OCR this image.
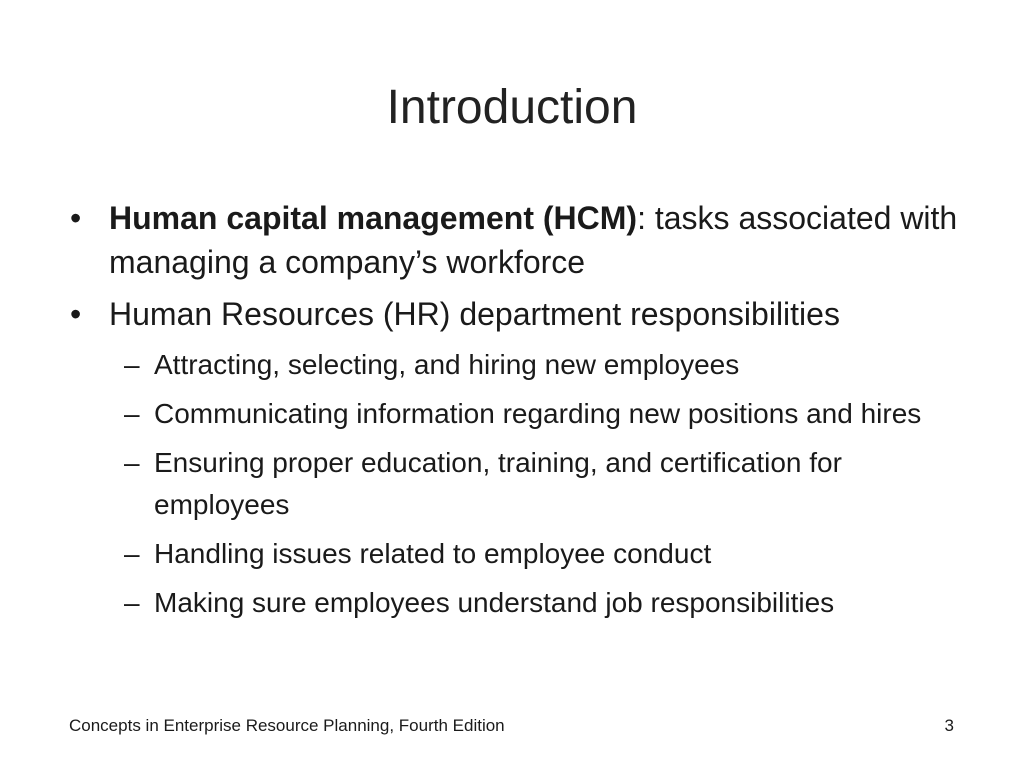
Introduction
• Human capital management (HCM): tasks associated with managing a company’s workforce
• Human Resources (HR) department responsibilities
– Attracting, selecting, and hiring new employees
– Communicating information regarding new positions and hires
– Ensuring proper education, training, and certification for employees
– Handling issues related to employee conduct
– Making sure employees understand job responsibilities
Concepts in Enterprise Resource Planning, Fourth Edition	3
